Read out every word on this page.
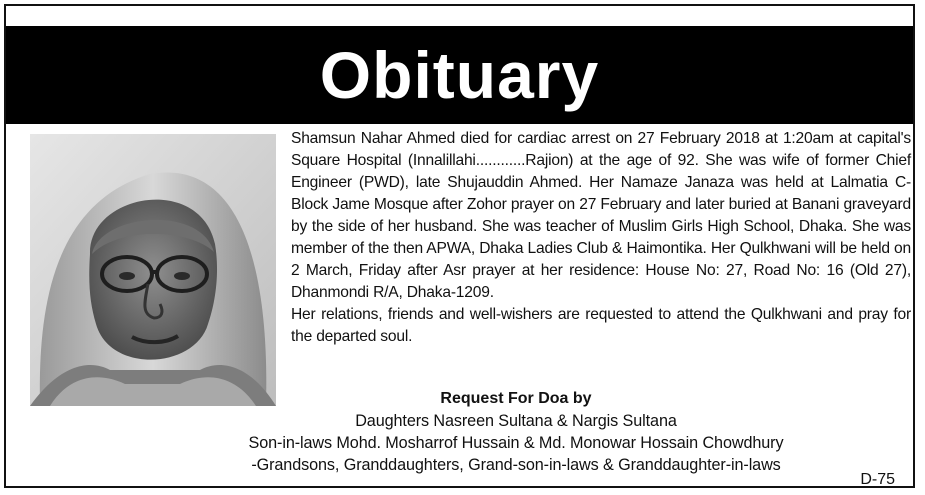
Obituary

Shamsun Nahar Ahmed died for cardiac arrest on 27 February 2018 at 1:20am at capital's Square Hospital (Innalillahi............Rajion) at the age of 92. She was wife of former Chief Engineer (PWD), late Shujauddin Ahmed. Her Namaze Janaza was held at Lalmatia C-Block Jame Mosque after Zohor prayer on 27 February and later buried at Banani graveyard by the side of her husband. She was teacher of Muslim Girls High School, Dhaka. She was member of the then APWA, Dhaka Ladies Club & Haimontika. Her Qulkhwani will be held on 2 March, Friday after Asr prayer at her residence: House No: 27, Road No: 16 (Old 27), Dhanmondi R/A, Dhaka-1209.

Her relations, friends and well-wishers are requested to attend the Qulkhwani and pray for the departed soul.

Request For Doa by
Daughters Nasreen Sultana & Nargis Sultana
Son-in-laws Mohd. Mosharrof Hussain & Md. Monowar Hossain Chowdhury
-Grandsons, Granddaughters, Grand-son-in-laws & Granddaughter-in-laws
D-75
